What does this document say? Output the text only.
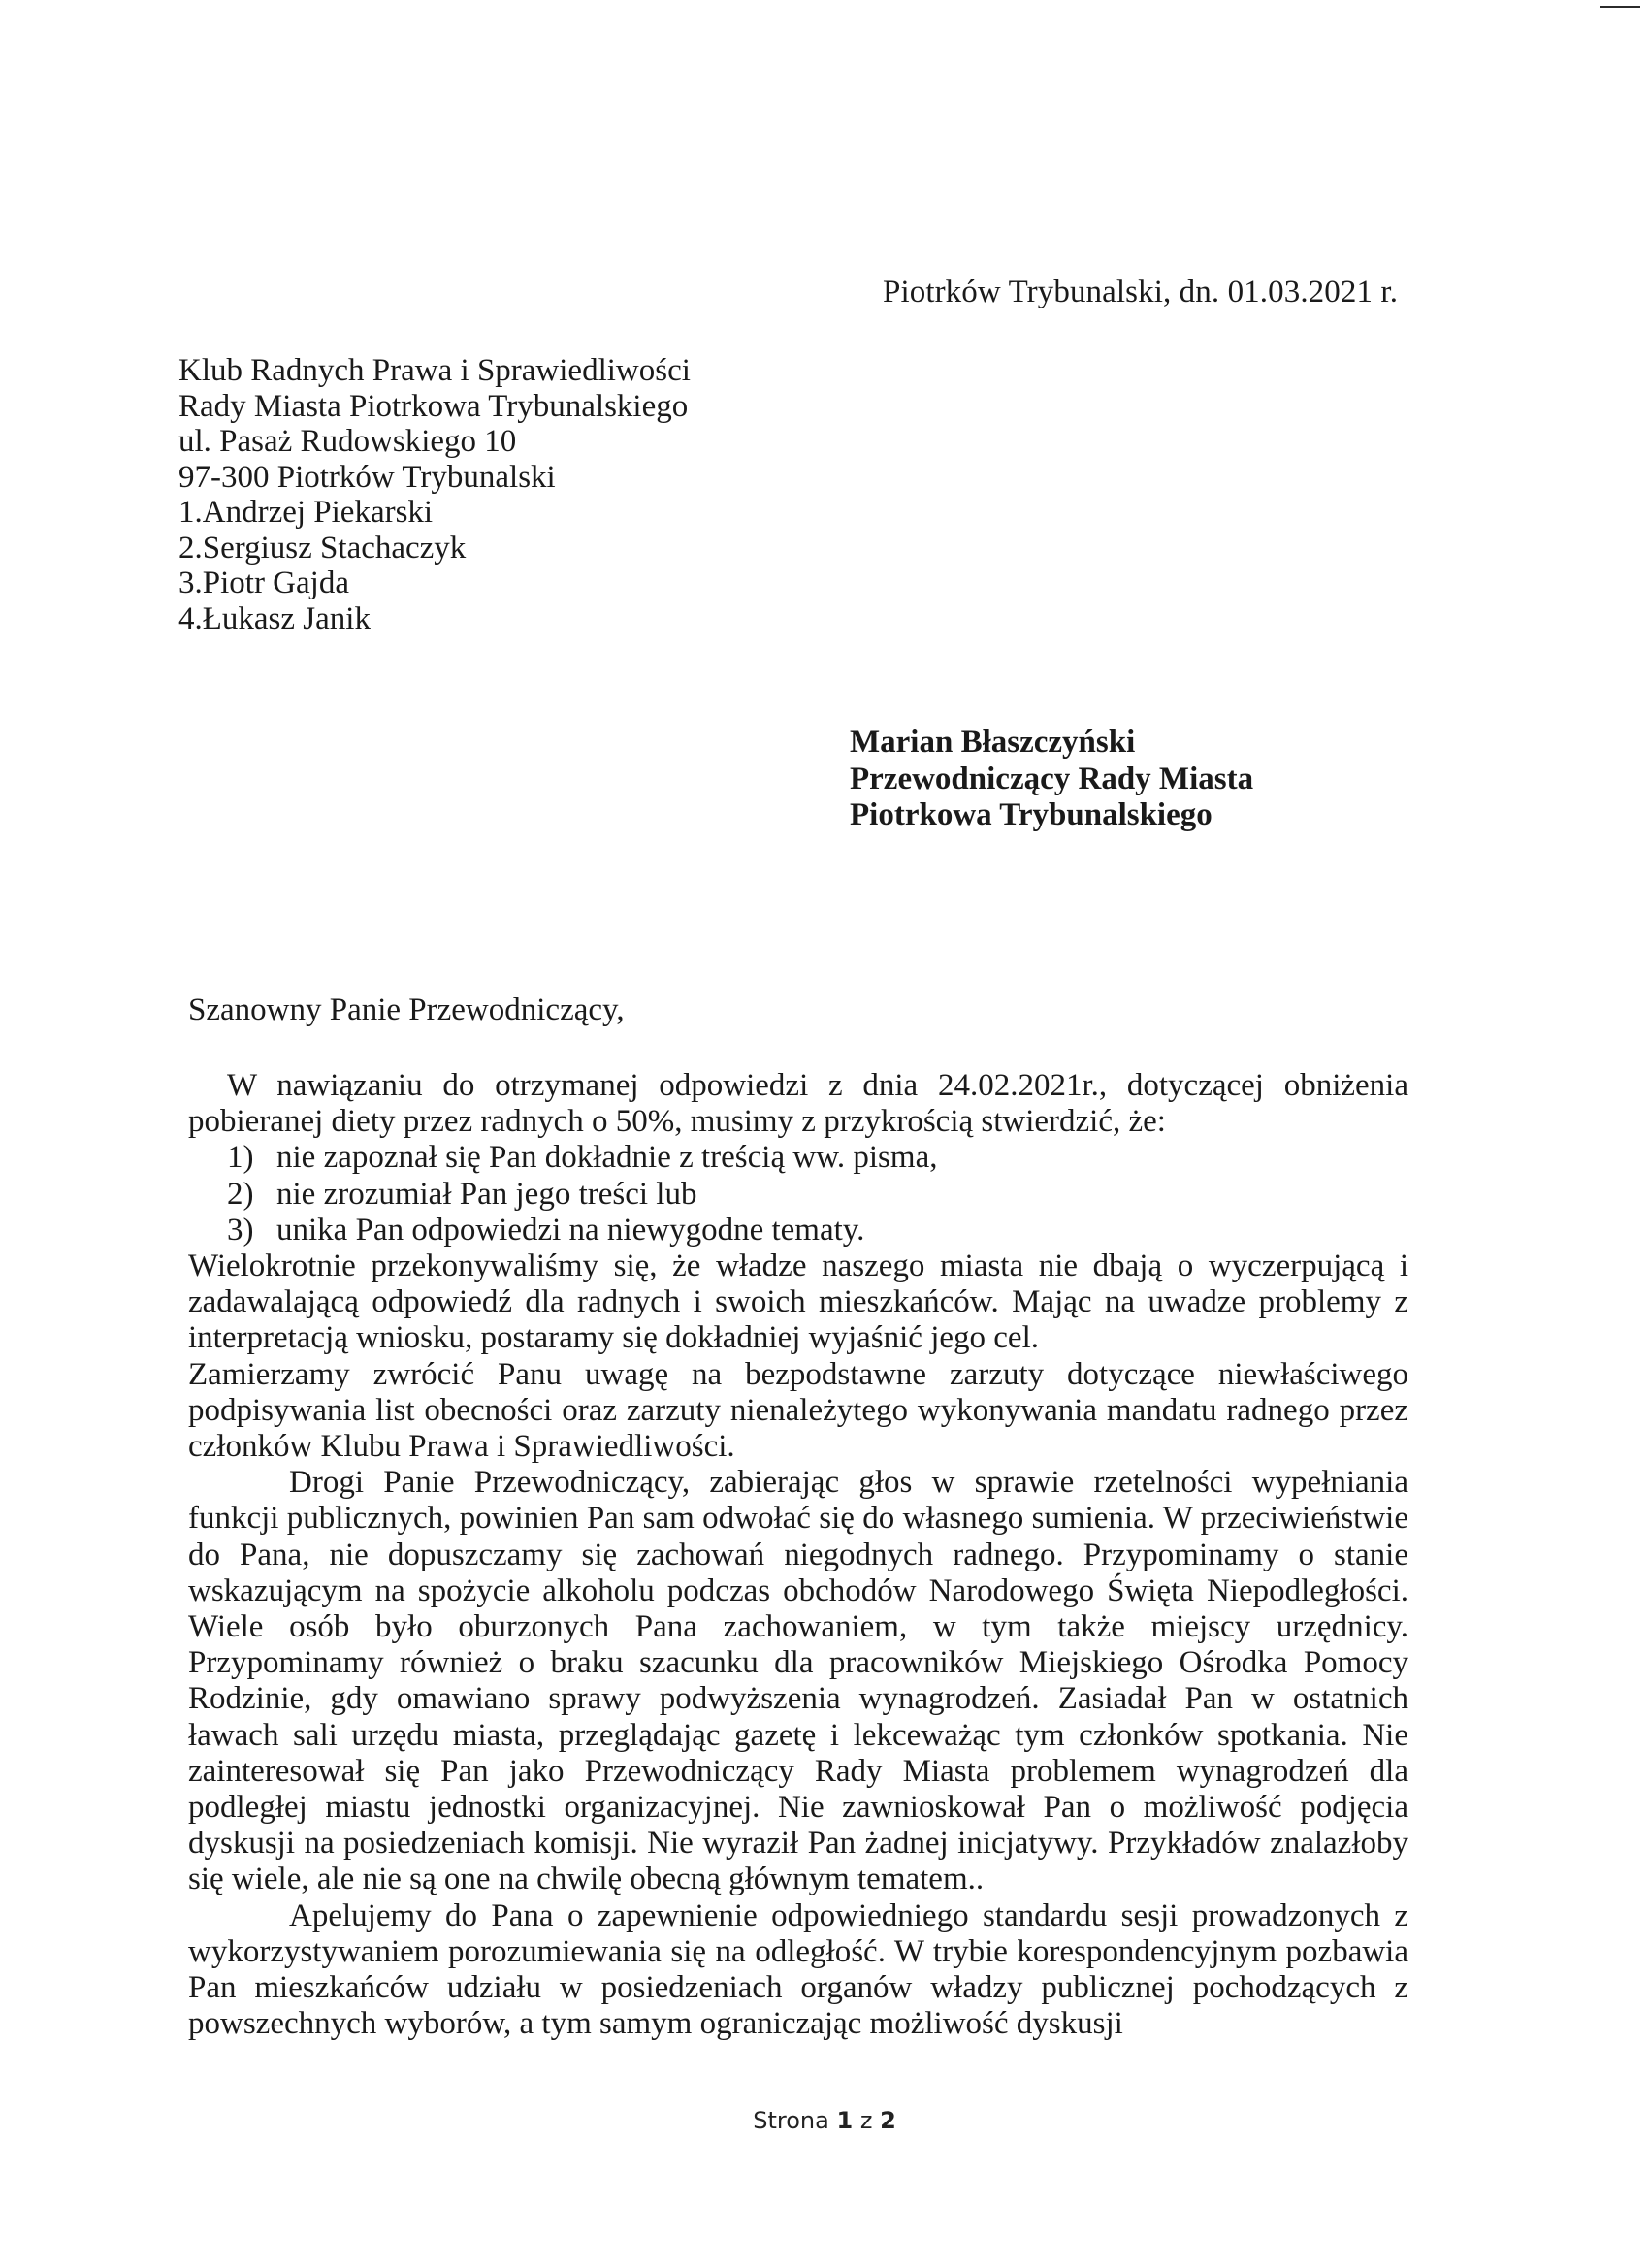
Piotrków Trybunalski, dn. 01.03.2021 r.
Klub Radnych Prawa i Sprawiedliwości
Rady Miasta Piotrkowa Trybunalskiego
ul. Pasaż Rudowskiego 10
97-300 Piotrków Trybunalski
1.Andrzej Piekarski
2.Sergiusz Stachaczyk
3.Piotr Gajda
4.Łukasz Janik
Marian Błaszczyński
Przewodniczący Rady Miasta
Piotrkowa Trybunalskiego
Szanowny Panie Przewodniczący,

W nawiązaniu do otrzymanej odpowiedzi z dnia 24.02.2021r., dotyczącej obniżenia pobieranej diety przez radnych o 50%, musimy z przykrością stwierdzić, że:

1) nie zapoznał się Pan dokładnie z treścią ww. pisma,
2) nie zrozumiał Pan jego treści lub
3) unika Pan odpowiedzi na niewygodne tematy.

Wielokrotnie przekonywaliśmy się, że władze naszego miasta nie dbają o wyczerpującą i zadawalającą odpowiedź dla radnych i swoich mieszkańców. Mając na uwadze problemy z interpretacją wniosku, postaramy się dokładniej wyjaśnić jego cel.

Zamierzamy zwrócić Panu uwagę na bezpodstawne zarzuty dotyczące niewłaściwego podpisywania list obecności oraz zarzuty nienależytego wykonywania mandatu radnego przez członków Klubu Prawa i Sprawiedliwości.

Drogi Panie Przewodniczący, zabierając głos w sprawie rzetelności wypełniania funkcji publicznych, powinien Pan sam odwołać się do własnego sumienia. W przeciwieństwie do Pana, nie dopuszczamy się zachowań niegodnych radnego. Przypominamy o stanie wskazującym na spożycie alkoholu podczas obchodów Narodowego Święta Niepodległości. Wiele osób było oburzonych Pana zachowaniem, w tym także miejscy urzędnicy. Przypominamy również o braku szacunku dla pracowników Miejskiego Ośrodka Pomocy Rodzinie, gdy omawiano sprawy podwyższenia wynagrodzeń. Zasiadał Pan w ostatnich ławach sali urzędu miasta, przeglądając gazetę i lekceważąc tym członków spotkania. Nie zainteresował się Pan jako Przewodniczący Rady Miasta problemem wynagrodzeń dla podległej miastu jednostki organizacyjnej. Nie zawnioskował Pan o możliwość podjęcia dyskusji na posiedzeniach komisji. Nie wyraził Pan żadnej inicjatywy. Przykładów znalazłoby się wiele, ale nie są one na chwilę obecną głównym tematem..

Apelujemy do Pana o zapewnienie odpowiedniego standardu sesji prowadzonych z wykorzystywaniem porozumiewania się na odległość. W trybie korespondencyjnym pozbawia Pan mieszkańców udziału w posiedzeniach organów władzy publicznej pochodzących z powszechnych wyborów, a tym samym ograniczając możliwość dyskusji

Strona 1 z 2
